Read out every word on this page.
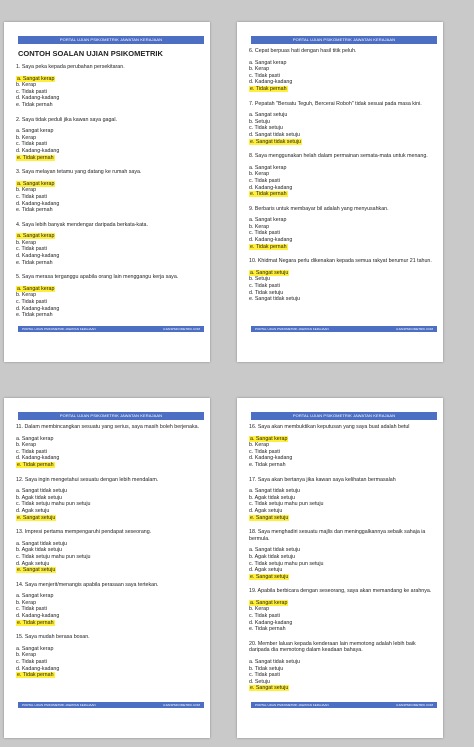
PORTAL UJIAN PSIKOMETRIK JAWATAN KERAJAAN
CONTOH SOALAN UJIAN PSIKOMETRIK
1. Saya peka kepada perubahan persekitaran.
a. Sangat kerap
b. Kerap
c. Tidak pasti
d. Kadang-kadang
e. Tidak pernah
2. Saya tidak peduli jika kawan saya gagal.
a. Sangat kerap
b. Kerap
c. Tidak pasti
d. Kadang-kadang
e. Tidak pernah
3. Saya melayan tetamu yang datang ke rumah saya.
a. Sangat kerap
b. Kerap
c. Tidak pasti
d. Kadang-kadang
e. Tidak pernah
4. Saya lebih banyak mendengar daripada berkata-kata.
a. Sangat kerap
b. Kerap
c. Tidak pasti
d. Kadang-kadang
e. Tidak pernah
5. Saya merasa terganggu apabila orang lain menggangu kerja saya.
a. Sangat kerap
b. Kerap
c. Tidak pasti
d. Kadang-kadang
e. Tidak pernah
PORTAL UJIAN PSIKOMETRIK JAWATAN KERAJAAN	UJIANPSIKOMETRIK.COM
PORTAL UJIAN PSIKOMETRIK JAWATAN KERAJAAN
6. Cepat berpuas hati dengan hasil titik peluh.
a. Sangat kerap
b. Kerap
c. Tidak pasti
d. Kadang-kadang
e. Tidak pernah
7. Pepatah "Bersatu Teguh, Bercerai Roboh" tidak sesuai pada masa kini.
a. Sangat setuju
b. Setuju
c. Tidak setuju
d. Sangat tidak setuju
e. Sangat tidak setuju
8. Saya menggunakan helah dalam permainan semata-mata untuk menang.
a. Sangat kerap
b. Kerap
c. Tidak pasti
d. Kadang-kadang
e. Tidak pernah
9. Berbaris untuk membayar bil adalah yang menyusahkan.
a. Sangat kerap
b. Kerap
c. Tidak pasti
d. Kadang-kadang
e. Tidak pernah
10. Khidmat Negara perlu dikenakan kepada semua rakyat berumur 21 tahun.
a. Sangat setuju
b. Setuju
c. Tidak pasti
d. Tidak setuju
e. Sangat tidak setuju
PORTAL UJIAN PSIKOMETRIK JAWATAN KERAJAAN	UJIANPSIKOMETRIK.COM
PORTAL UJIAN PSIKOMETRIK JAWATAN KERAJAAN
11. Dalam membincangkan sesuatu yang serius, saya masih boleh berjenaka.
a. Sangat kerap
b. Kerap
c. Tidak pasti
d. Kadang-kadang
e. Tidak pernah
12. Saya ingin mengetahui sesuatu dengan lebih mendalam.
a. Sangat tidak setuju
b. Agak tidak setuju
c. Tidak setuju mahu pun setuju
d. Agak setuju
e. Sangat setuju
13. Impresi pertama mempengaruhi pendapat seseorang.
a. Sangat tidak setuju
b. Agak tidak setuju
c. Tidak setuju mahu pun setuju
d. Agak setuju
e. Sangat setuju
14. Saya menjerit/menangis apabila perasaan saya tertekan.
a. Sangat kerap
b. Kerap
c. Tidak pasti
d. Kadang-kadang
e. Tidak pernah
15. Saya mudah berasa bosan.
a. Sangat kerap
b. Kerap
c. Tidak pasti
d. Kadang-kadang
e. Tidak pernah
PORTAL UJIAN PSIKOMETRIK JAWATAN KERAJAAN	UJIANPSIKOMETRIK.COM
PORTAL UJIAN PSIKOMETRIK JAWATAN KERAJAAN
16. Saya akan membuktikan keputusan yang saya buat adalah betul
a. Sangat kerap
b. Kerap
c. Tidak pasti
d. Kadang-kadang
e. Tidak pernah
17. Saya akan bertanya jika kawan saya kelihatan bermasalah
a. Sangat tidak setuju
b. Agak tidak setuju
c. Tidak setuju mahu pun setuju
d. Agak setuju
e. Sangat setuju
18. Saya menghadiri sesuatu majlis dan meninggalkannya sebaik sahaja ia bermula.
a. Sangat tidak setuju
b. Agak tidak setuju
c. Tidak setuju mahu pun setuju
d. Agak setuju
e. Sangat setuju
19. Apabila berbicara dengan seseorang, saya akan memandang ke arahnya.
a. Sangat kerap
b. Kerap
c. Tidak pasti
d. Kadang-kadang
e. Tidak pernah
20. Member laluan kepada kenderaan lain memotong adalah lebih baik daripada dia memotong dalam keadaan bahaya.
a. Sangat tidak setuju
b. Tidak setuju
c. Tidak pasti
d. Setuju
e. Sangat setuju
PORTAL UJIAN PSIKOMETRIK JAWATAN KERAJAAN	UJIANPSIKOMETRIK.COM
